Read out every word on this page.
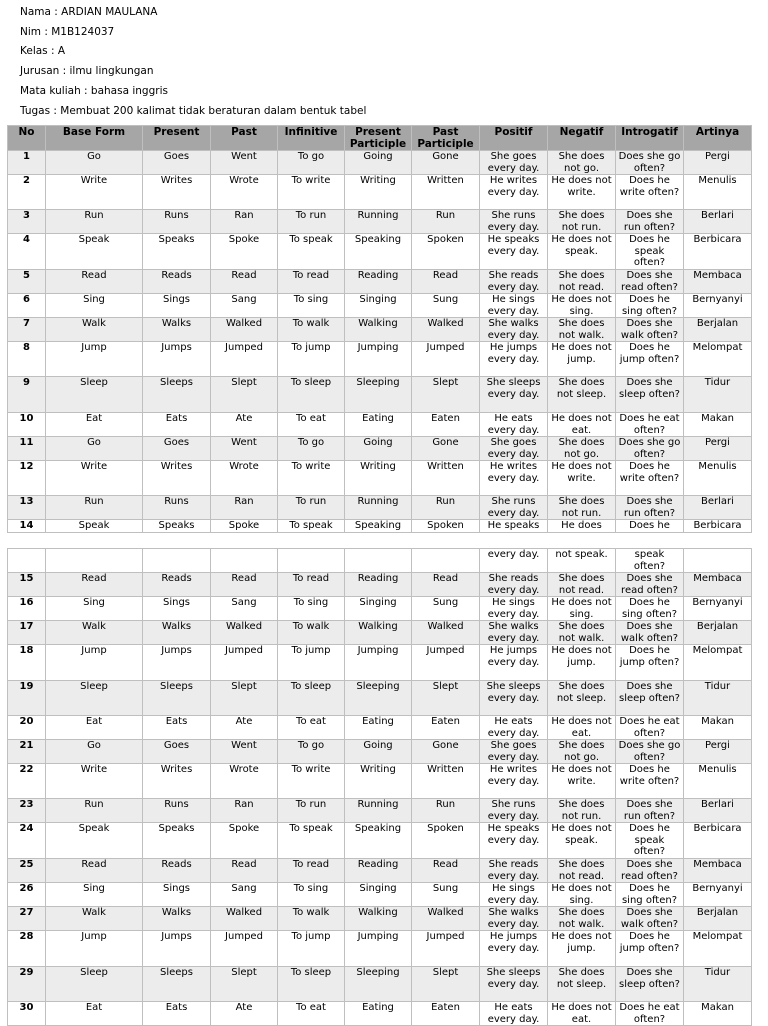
Nama : ARDIAN MAULANA
Nim : M1B124037
Kelas : A
Jurusan : ilmu lingkungan
Mata kuliah : bahasa inggris
Tugas : Membuat 200 kalimat tidak beraturan dalam bentuk tabel
No	Base Form	Present	Past	Infinitive	Present Participle	Past Participle	Positif	Negatif	Introgatif	Artinya
1	Go	Goes	Went	To go	Going	Gone	She goes every day.	She does not go.	Does she go often?	Pergi
2	Write	Writes	Wrote	To write	Writing	Written	He writes every day.	He does not write.	Does he write often?	Menulis
3	Run	Runs	Ran	To run	Running	Run	She runs every day.	She does not run.	Does she run often?	Berlari
4	Speak	Speaks	Spoke	To speak	Speaking	Spoken	He speaks every day.	He does not speak.	Does he speak often?	Berbicara
5	Read	Reads	Read	To read	Reading	Read	She reads every day.	She does not read.	Does she read often?	Membaca
6	Sing	Sings	Sang	To sing	Singing	Sung	He sings every day.	He does not sing.	Does he sing often?	Bernyanyi
7	Walk	Walks	Walked	To walk	Walking	Walked	She walks every day.	She does not walk.	Does she walk often?	Berjalan
8	Jump	Jumps	Jumped	To jump	Jumping	Jumped	He jumps every day.	He does not jump.	Does he jump often?	Melompat
9	Sleep	Sleeps	Slept	To sleep	Sleeping	Slept	She sleeps every day.	She does not sleep.	Does she sleep often?	Tidur
10	Eat	Eats	Ate	To eat	Eating	Eaten	He eats every day.	He does not eat.	Does he eat often?	Makan
11	Go	Goes	Went	To go	Going	Gone	She goes every day.	She does not go.	Does she go often?	Pergi
12	Write	Writes	Wrote	To write	Writing	Written	He writes every day.	He does not write.	Does he write often?	Menulis
13	Run	Runs	Ran	To run	Running	Run	She runs every day.	She does not run.	Does she run often?	Berlari
14	Speak	Speaks	Spoke	To speak	Speaking	Spoken	He speaks	He does	Does he	Berbicara
							every day.	not speak.	speak often?	
15	Read	Reads	Read	To read	Reading	Read	She reads every day.	She does not read.	Does she read often?	Membaca
16	Sing	Sings	Sang	To sing	Singing	Sung	He sings every day.	He does not sing.	Does he sing often?	Bernyanyi
17	Walk	Walks	Walked	To walk	Walking	Walked	She walks every day.	She does not walk.	Does she walk often?	Berjalan
18	Jump	Jumps	Jumped	To jump	Jumping	Jumped	He jumps every day.	He does not jump.	Does he jump often?	Melompat
19	Sleep	Sleeps	Slept	To sleep	Sleeping	Slept	She sleeps every day.	She does not sleep.	Does she sleep often?	Tidur
20	Eat	Eats	Ate	To eat	Eating	Eaten	He eats every day.	He does not eat.	Does he eat often?	Makan
21	Go	Goes	Went	To go	Going	Gone	She goes every day.	She does not go.	Does she go often?	Pergi
22	Write	Writes	Wrote	To write	Writing	Written	He writes every day.	He does not write.	Does he write often?	Menulis
23	Run	Runs	Ran	To run	Running	Run	She runs every day.	She does not run.	Does she run often?	Berlari
24	Speak	Speaks	Spoke	To speak	Speaking	Spoken	He speaks every day.	He does not speak.	Does he speak often?	Berbicara
25	Read	Reads	Read	To read	Reading	Read	She reads every day.	She does not read.	Does she read often?	Membaca
26	Sing	Sings	Sang	To sing	Singing	Sung	He sings every day.	He does not sing.	Does he sing often?	Bernyanyi
27	Walk	Walks	Walked	To walk	Walking	Walked	She walks every day.	She does not walk.	Does she walk often?	Berjalan
28	Jump	Jumps	Jumped	To jump	Jumping	Jumped	He jumps every day.	He does not jump.	Does he jump often?	Melompat
29	Sleep	Sleeps	Slept	To sleep	Sleeping	Slept	She sleeps every day.	She does not sleep.	Does she sleep often?	Tidur
30	Eat	Eats	Ate	To eat	Eating	Eaten	He eats every day.	He does not eat.	Does he eat often?	Makan
